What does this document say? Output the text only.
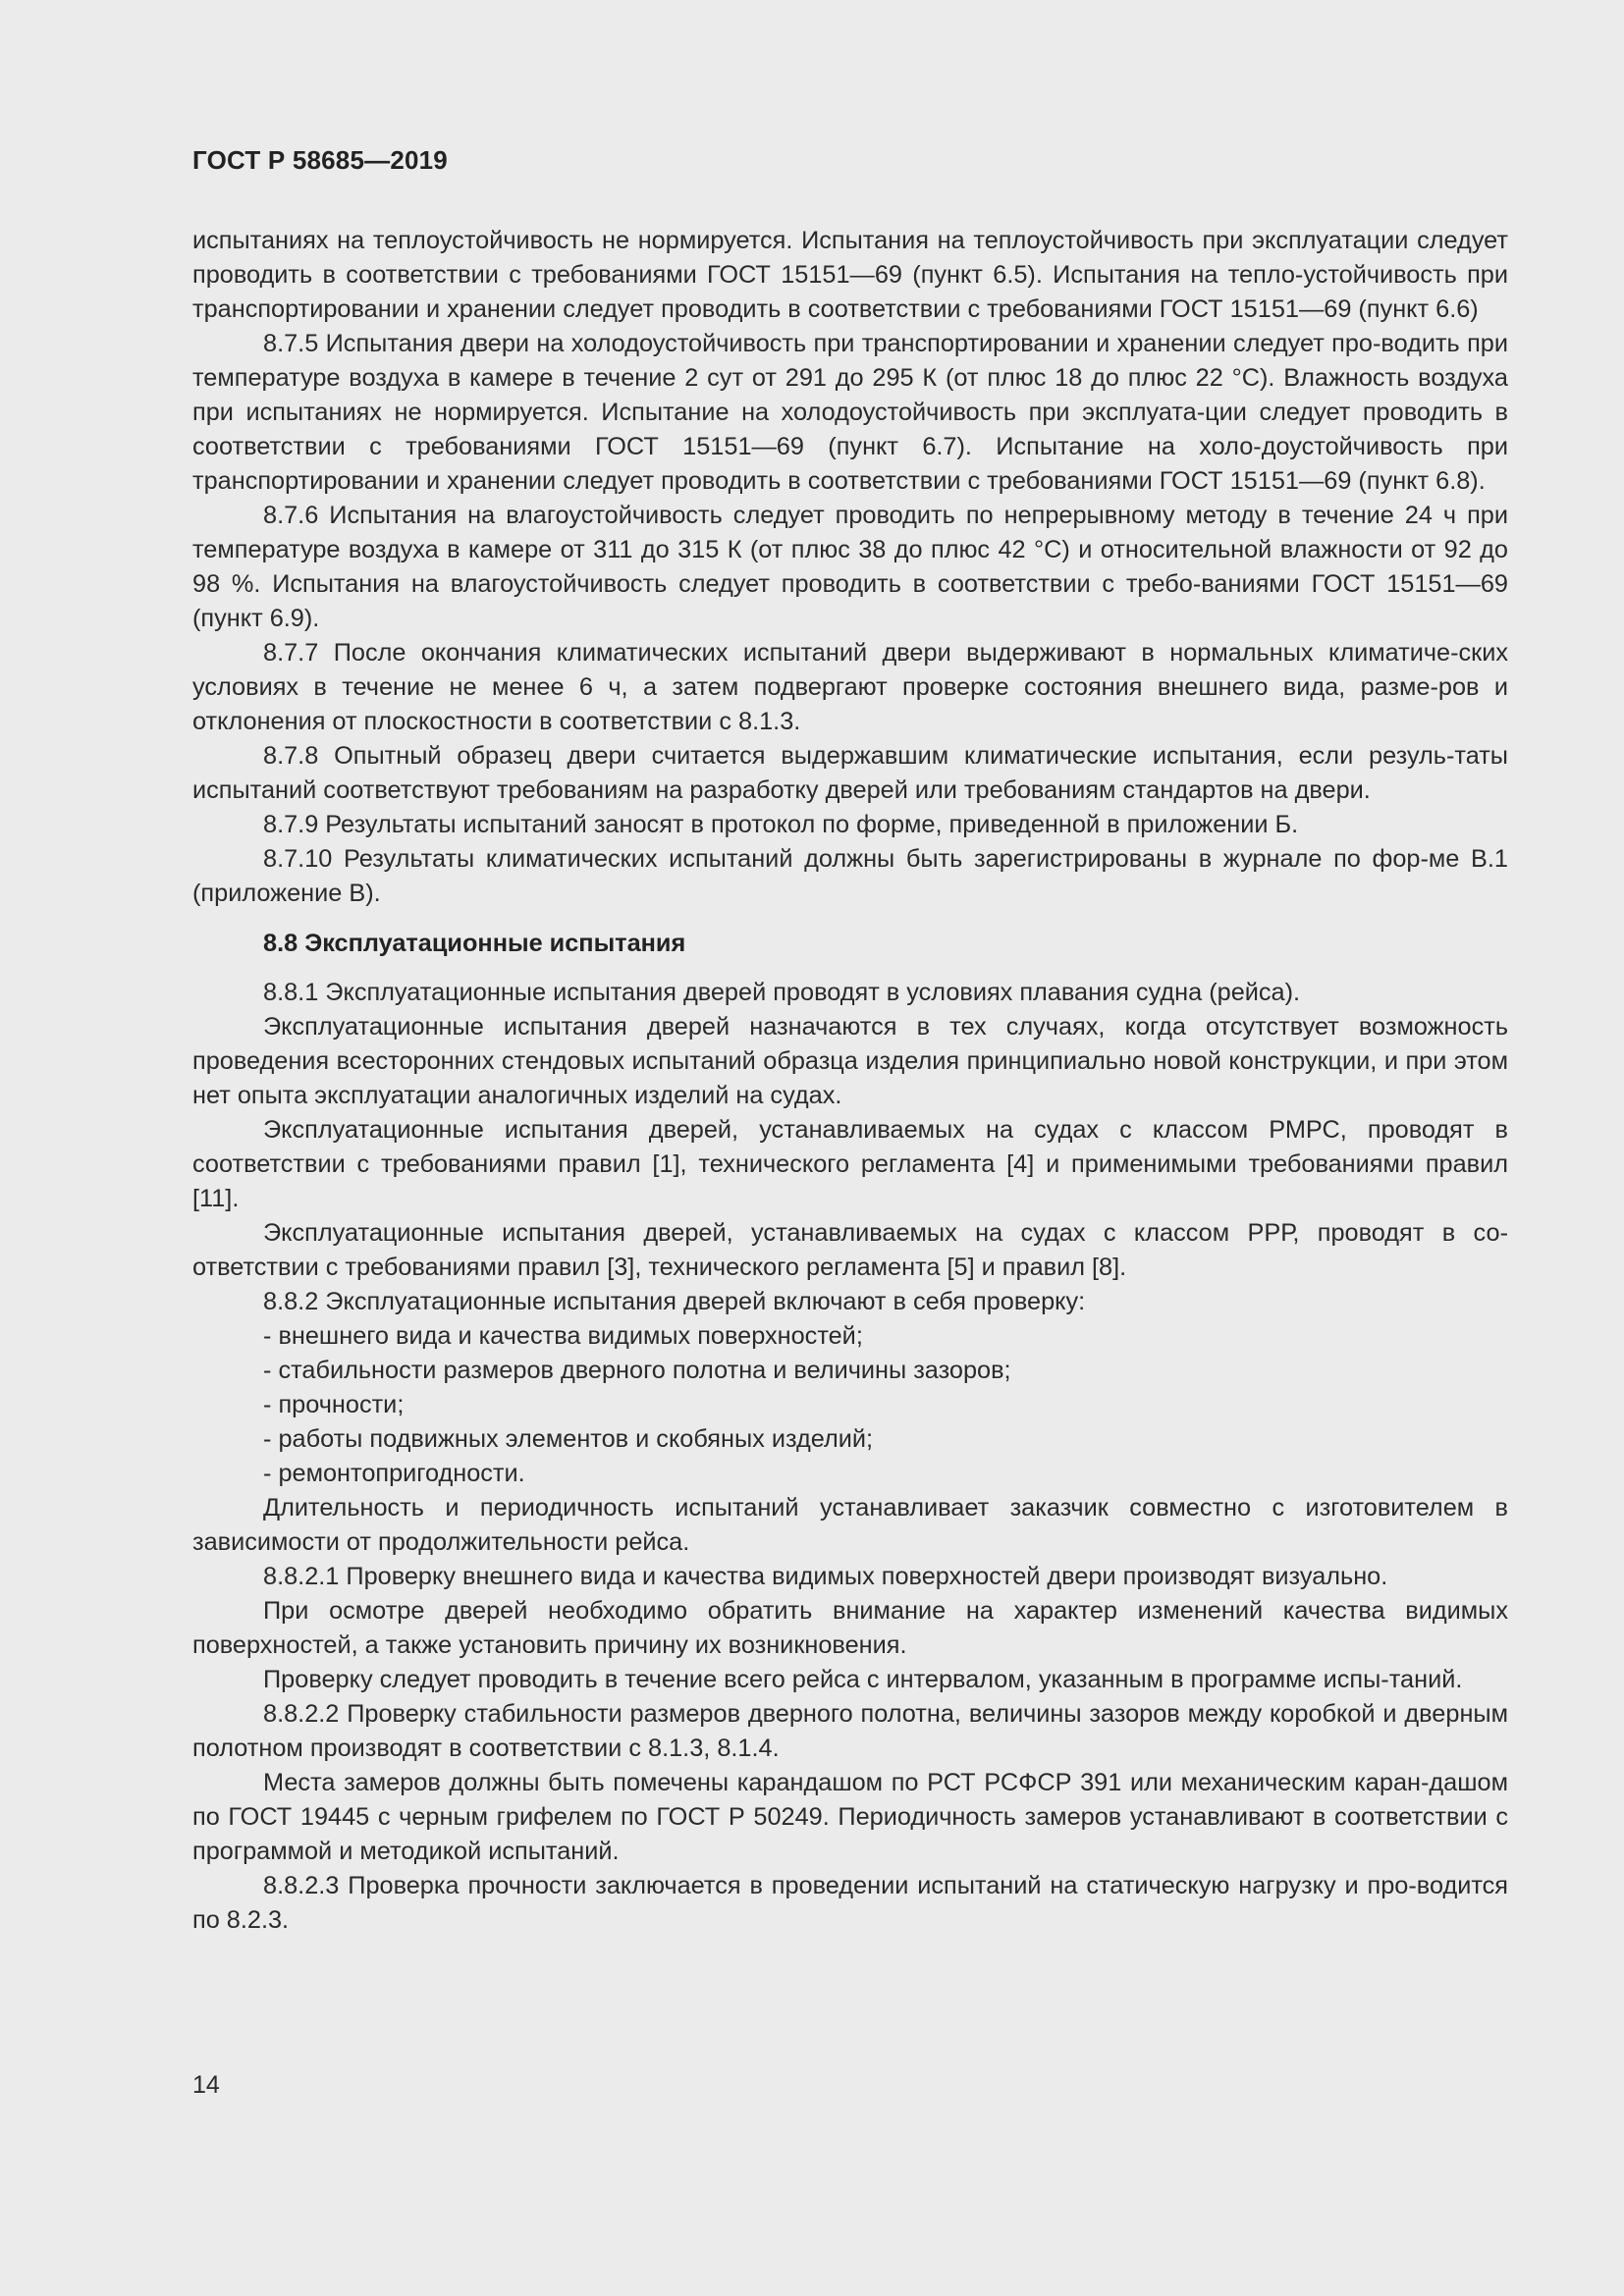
ГОСТ Р 58685—2019

испытаниях на теплоустойчивость не нормируется. Испытания на теплоустойчивость при эксплуатации следует проводить в соответствии с требованиями ГОСТ 15151—69 (пункт 6.5). Испытания на тепло-устойчивость при транспортировании и хранении следует проводить в соответствии с требованиями ГОСТ 15151—69 (пункт 6.6)

8.7.5 Испытания двери на холодоустойчивость при транспортировании и хранении следует про-водить при температуре воздуха в камере в течение 2 сут от 291 до 295 К (от плюс 18 до плюс 22 °С). Влажность воздуха при испытаниях не нормируется. Испытание на холодоустойчивость при эксплуата-ции следует проводить в соответствии с требованиями ГОСТ 15151—69 (пункт 6.7). Испытание на холо-доустойчивость при транспортировании и хранении следует проводить в соответствии с требованиями ГОСТ 15151—69 (пункт 6.8).

8.7.6 Испытания на влагоустойчивость следует проводить по непрерывному методу в течение 24 ч при температуре воздуха в камере от 311 до 315 К (от плюс 38 до плюс 42 °С) и относительной влажности от 92 до 98 %. Испытания на влагоустойчивость следует проводить в соответствии с требо-ваниями ГОСТ 15151—69 (пункт 6.9).

8.7.7 После окончания климатических испытаний двери выдерживают в нормальных климатиче-ских условиях в течение не менее 6 ч, а затем подвергают проверке состояния внешнего вида, разме-ров и отклонения от плоскостности в соответствии с 8.1.3.

8.7.8 Опытный образец двери считается выдержавшим климатические испытания, если резуль-таты испытаний соответствуют требованиям на разработку дверей или требованиям стандартов на двери.

8.7.9 Результаты испытаний заносят в протокол по форме, приведенной в приложении Б.

8.7.10 Результаты климатических испытаний должны быть зарегистрированы в журнале по фор-ме В.1 (приложение В).

8.8 Эксплуатационные испытания

8.8.1 Эксплуатационные испытания дверей проводят в условиях плавания судна (рейса).

Эксплуатационные испытания дверей назначаются в тех случаях, когда отсутствует возможность проведения всесторонних стендовых испытаний образца изделия принципиально новой конструкции, и при этом нет опыта эксплуатации аналогичных изделий на судах.

Эксплуатационные испытания дверей, устанавливаемых на судах с классом РМРС, проводят в соответствии с требованиями правил [1], технического регламента [4] и применимыми требованиями правил [11].

Эксплуатационные испытания дверей, устанавливаемых на судах с классом РРР, проводят в со-ответствии с требованиями правил [3], технического регламента [5] и правил [8].

8.8.2 Эксплуатационные испытания дверей включают в себя проверку:

- внешнего вида и качества видимых поверхностей;
- стабильности размеров дверного полотна и величины зазоров;
- прочности;
- работы подвижных элементов и скобяных изделий;
- ремонтопригодности.

Длительность и периодичность испытаний устанавливает заказчик совместно с изготовителем в зависимости от продолжительности рейса.

8.8.2.1 Проверку внешнего вида и качества видимых поверхностей двери производят визуально.

При осмотре дверей необходимо обратить внимание на характер изменений качества видимых поверхностей, а также установить причину их возникновения.

Проверку следует проводить в течение всего рейса с интервалом, указанным в программе испы-таний.

8.8.2.2 Проверку стабильности размеров дверного полотна, величины зазоров между коробкой и дверным полотном производят в соответствии с 8.1.3, 8.1.4.

Места замеров должны быть помечены карандашом по РСТ РСФСР 391 или механическим каран-дашом по ГОСТ 19445 с черным грифелем по ГОСТ Р 50249. Периодичность замеров устанавливают в соответствии с программой и методикой испытаний.

8.8.2.3 Проверка прочности заключается в проведении испытаний на статическую нагрузку и про-водится по 8.2.3.

14
